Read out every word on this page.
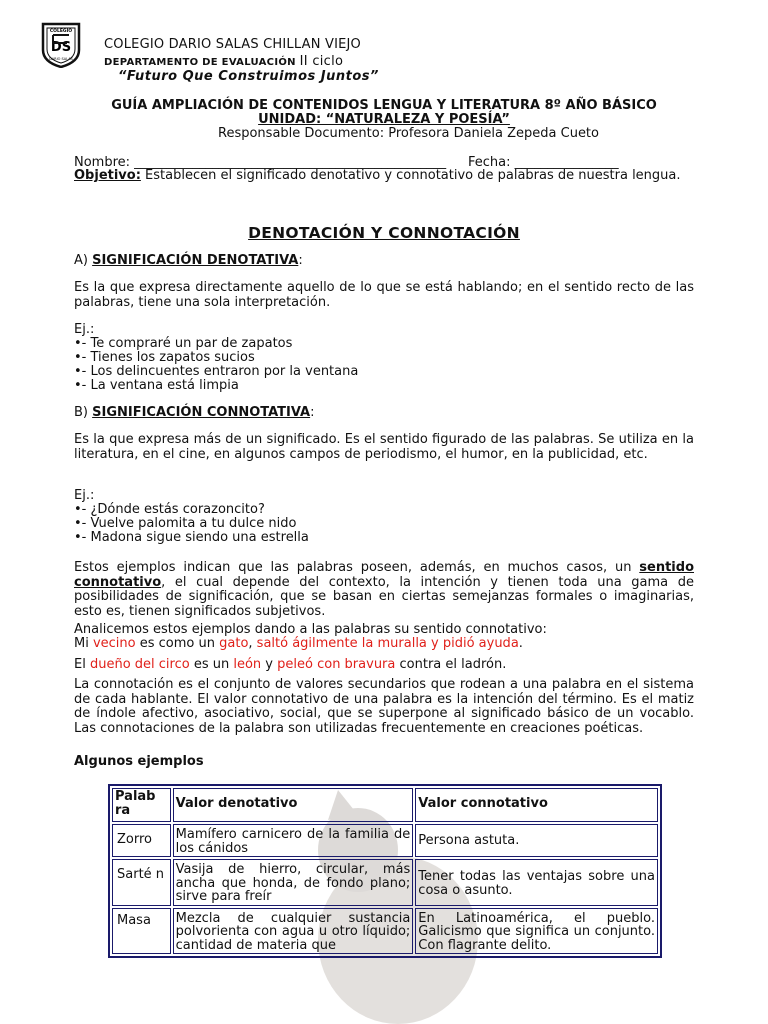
COLEGIO
DS
DARIO SALAS
COLEGIO DARIO SALAS CHILLAN VIEJO
DEPARTAMENTO DE EVALUACIÓN II ciclo
“Futuro Que Construimos Juntos”
GUÍA AMPLIACIÓN DE CONTENIDOS LENGUA Y LITERATURA 8º AÑO BÁSICO
UNIDAD: “NATURALEZA Y POESÍA”
Responsable Documento: Profesora Daniela Zepeda Cueto
Nombre: ________________________________________________ Fecha: ________________
Objetivo: Establecen el significado denotativo y connotativo de palabras de nuestra lengua.
DENOTACIÓN Y CONNOTACIÓN
A) SIGNIFICACIÓN DENOTATIVA:
Es la que expresa directamente aquello de lo que se está hablando; en el sentido recto de las palabras, tiene una sola interpretación.
Ej.:
•- Te compraré un par de zapatos
•- Tienes los zapatos sucios
•- Los delincuentes entraron por la ventana
•- La ventana está limpia
B) SIGNIFICACIÓN CONNOTATIVA:
Es la que expresa más de un significado. Es el sentido figurado de las palabras. Se utiliza en la literatura, en el cine, en algunos campos de periodismo, el humor, en la publicidad, etc.
Ej.:
•- ¿Dónde estás corazoncito?
•- Vuelve palomita a tu dulce nido
•- Madona sigue siendo una estrella
Estos ejemplos indican que las palabras poseen, además, en muchos casos, un sentido connotativo, el cual depende del contexto, la intención y tienen toda una gama de posibilidades de significación, que se basan en ciertas semejanzas formales o imaginarias, esto es, tienen significados subjetivos.
Analicemos estos ejemplos dando a las palabras su sentido connotativo:
Mi vecino es como un gato, saltó ágilmente la muralla y pidió ayuda.
El dueño del circo es un león y peleó con bravura contra el ladrón.
La connotación es el conjunto de valores secundarios que rodean a una palabra en el sistema de cada hablante. El valor connotativo de una palabra es la intención del término. Es el matiz de índole afectivo, asociativo, social, que se superpone al significado básico de un vocablo. Las connotaciones de la palabra son utilizadas frecuentemente en creaciones poéticas.
Algunos ejemplos
Palab ra	Valor denotativo	Valor connotativo
Zorro	Mamífero carnicero de la familia de los cánidos	Persona astuta.
Sarté n	Vasija de hierro, circular, más ancha que honda, de fondo plano; sirve para freír	Tener todas las ventajas sobre una cosa o asunto.
Masa	Mezcla de cualquier sustancia polvorienta con agua u otro líquido; cantidad de materia que	En Latinoamérica, el pueblo. Galicismo que significa un conjunto. Con flagrante delito.
